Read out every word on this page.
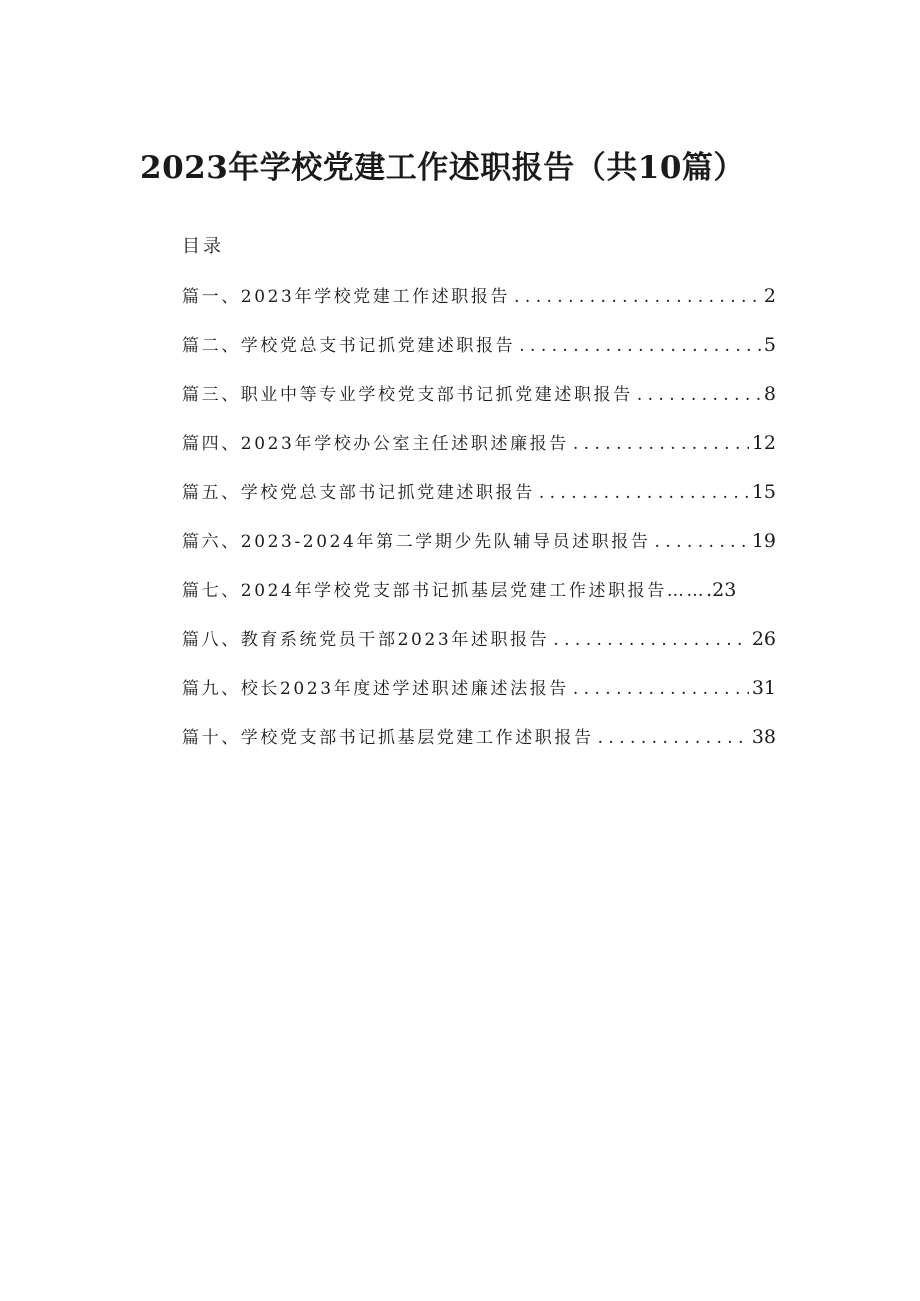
2023年学校党建工作述职报告（共10篇）
目录
篇一、2023年学校党建工作述职报告 . . .	2
篇二、学校党总支书记抓党建述职报告 . . .	5
篇三、职业中等专业学校党支部书记抓党建述职报告 . . .	8
篇四、2023年学校办公室主任述职述廉报告 . . .	12
篇五、学校党总支部书记抓党建述职报告 . . .	15
篇六、2023-2024年第二学期少先队辅导员述职报告 . . .	19
篇七、2024年学校党支部书记抓基层党建工作述职报告…… .23
篇八、教育系统党员干部2023年述职报告 . . .	26
篇九、校长2023年度述学述职述廉述法报告 . . .	31
篇十、学校党支部书记抓基层党建工作述职报告 . . .	38
